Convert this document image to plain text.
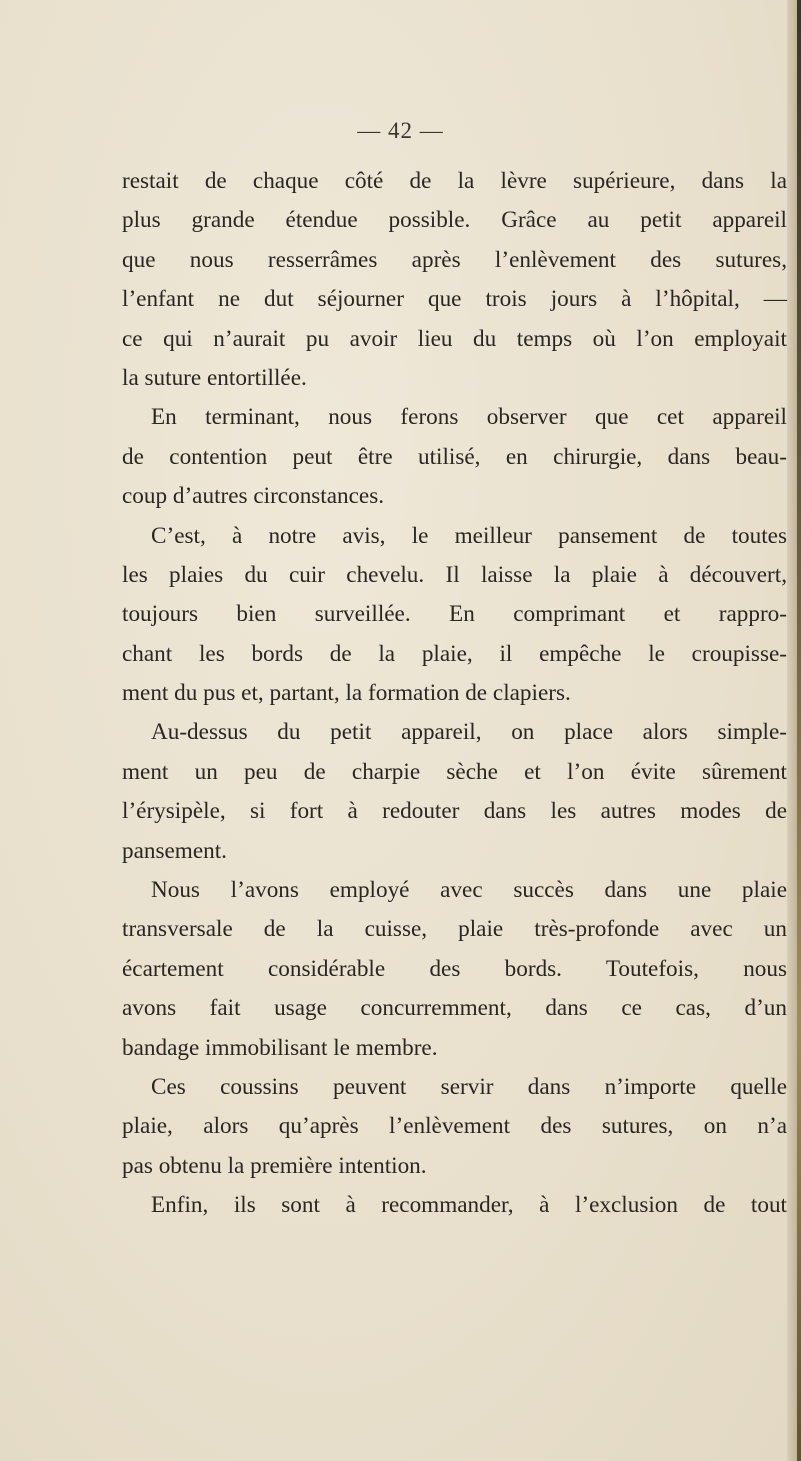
— 42 —
restait de chaque côté de la lèvre supérieure, dans la
plus grande étendue possible. Grâce au petit appareil
que nous resserrâmes après l’enlèvement des sutures,
l’enfant ne dut séjourner que trois jours à l’hôpital, —
ce qui n’aurait pu avoir lieu du temps où l’on employait
la suture entortillée.
En terminant, nous ferons observer que cet appareil
de contention peut être utilisé, en chirurgie, dans beau-
coup d’autres circonstances.
C’est, à notre avis, le meilleur pansement de toutes
les plaies du cuir chevelu. Il laisse la plaie à découvert,
toujours bien surveillée. En comprimant et rappro-
chant les bords de la plaie, il empêche le croupisse-
ment du pus et, partant, la formation de clapiers.
Au-dessus du petit appareil, on place alors simple-
ment un peu de charpie sèche et l’on évite sûrement
l’érysipèle, si fort à redouter dans les autres modes de
pansement.
Nous l’avons employé avec succès dans une plaie
transversale de la cuisse, plaie très-profonde avec un
écartement considérable des bords. Toutefois, nous
avons fait usage concurremment, dans ce cas, d’un
bandage immobilisant le membre.
Ces coussins peuvent servir dans n’importe quelle
plaie, alors qu’après l’enlèvement des sutures, on n’a
pas obtenu la première intention.
Enfin, ils sont à recommander, à l’exclusion de tout
